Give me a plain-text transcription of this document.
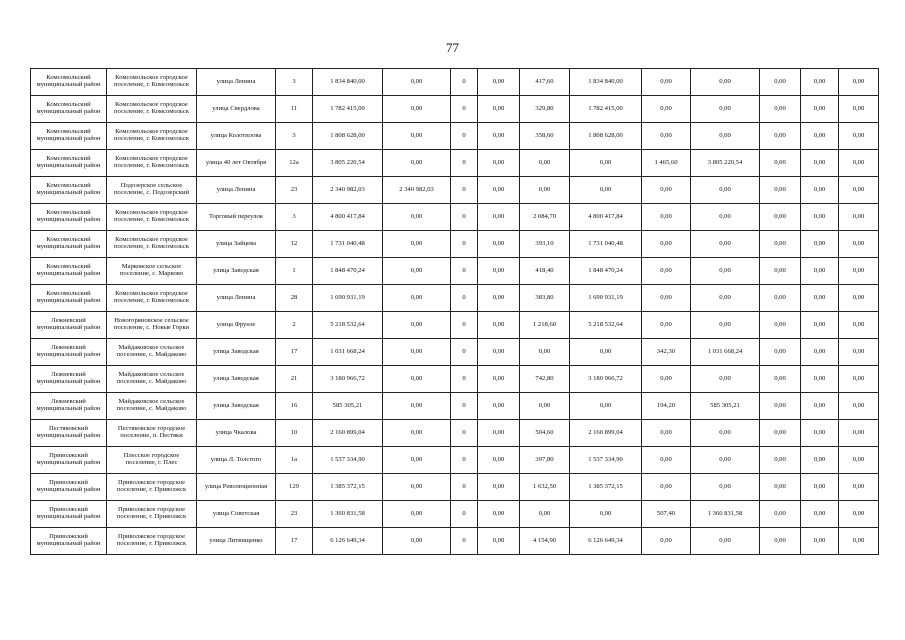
77
Комсомольский муниципальный район	Комсомольское городское поселение, г. Комсомольск	улица Ленина	3	1 834 840,00	0,00	0	0,00	417,60	1 834 840,00	0,00	0,00	0,00	0,00	0,00
Комсомольский муниципальный район	Комсомольское городское поселение, г. Комсомольск	улица Свердлова	11	1 782 415,00	0,00	0	0,00	329,80	1 782 415,00	0,00	0,00	0,00	0,00	0,00
Комсомольский муниципальный район	Комсомольское городское поселение, г. Комсомольск	улица Колотилова	3	1 808 628,00	0,00	0	0,00	358,60	1 808 628,00	0,00	0,00	0,00	0,00	0,00
Комсомольский муниципальный район	Комсомольское городское поселение, г. Комсомольск	улица 40 лет Октября	12а	3 805 220,54	0,00	0	0,00	0,00	0,00	1 465,60	3 805 220,54	0,00	0,00	0,00
Комсомольский муниципальный район	Подозерское сельское поселение, с. Подозерский	улица Ленина	23	2 340 982,03	2 340 982,03	0	0,00	0,00	0,00	0,00	0,00	0,00	0,00	0,00
Комсомольский муниципальный район	Комсомольское городское поселение, г. Комсомольск	Торговый переулок	3	4 800 417,84	0,00	0	0,00	2 084,70	4 800 417,84	0,00	0,00	0,00	0,00	0,00
Комсомольский муниципальный район	Комсомольское городское поселение, г. Комсомольск	улица Зайцева	12	1 731 040,48	0,00	0	0,00	393,10	1 731 040,48	0,00	0,00	0,00	0,00	0,00
Комсомольский муниципальный район	Марковское сельское поселение, с. Марково	улица Заводская	1	1 848 470,24	0,00	0	0,00	418,40	1 848 470,24	0,00	0,00	0,00	0,00	0,00
Комсомольский муниципальный район	Комсомольское городское поселение, г. Комсомольск	улица Ленина	28	1 690 931,19	0,00	0	0,00	383,80	1 690 931,19	0,00	0,00	0,00	0,00	0,00
Лежневский муниципальный район	Новогоряновское сельское поселение, с. Новые Горки	улица Фрунзе	2	5 218 532,64	0,00	0	0,00	1 218,60	5 218 532,64	0,00	0,00	0,00	0,00	0,00
Лежневский муниципальный район	Майдаковское сельское поселение, с. Майдаково	улица Заводская	17	1 031 668,24	0,00	0	0,00	0,00	0,00	342,30	1 031 668,24	0,00	0,00	0,00
Лежневский муниципальный район	Майдаковское сельское поселение, с. Майдаково	улица Заводская	21	3 180 966,72	0,00	0	0,00	742,80	3 180 966,72	0,00	0,00	0,00	0,00	0,00
Лежневский муниципальный район	Майдаковское сельское поселение, с. Майдаково	улица Заводская	16	585 305,21	0,00	0	0,00	0,00	0,00	194,20	585 305,21	0,00	0,00	0,00
Пестяковский муниципальный район	Пестяковское городское поселение, п. Пестяки	улица Чкалова	10	2 160 899,04	0,00	0	0,00	504,60	2 160 899,04	0,00	0,00	0,00	0,00	0,00
Приволжский муниципальный район	Плесское городское поселение, г. Плес	улица Л. Толстого	1а	1 537 334,90	0,00	0	0,00	397,80	1 537 334,90	0,00	0,00	0,00	0,00	0,00
Приволжский муниципальный район	Приволжское городское поселение, г. Приволжск	улица Революционная	129	1 385 372,15	0,00	0	0,00	1 632,50	1 385 372,15	0,00	0,00	0,00	0,00	0,00
Приволжский муниципальный район	Приволжское городское поселение, г. Приволжск	улица Советская	23	1 360 831,58	0,00	0	0,00	0,00	0,00	507,40	1 360 831,58	0,00	0,00	0,00
Приволжский муниципальный район	Приволжское городское поселение, г. Приволжск	улица Литвищенко	17	6 126 649,34	0,00	0	0,00	4 154,90	6 126 649,34	0,00	0,00	0,00	0,00	0,00
